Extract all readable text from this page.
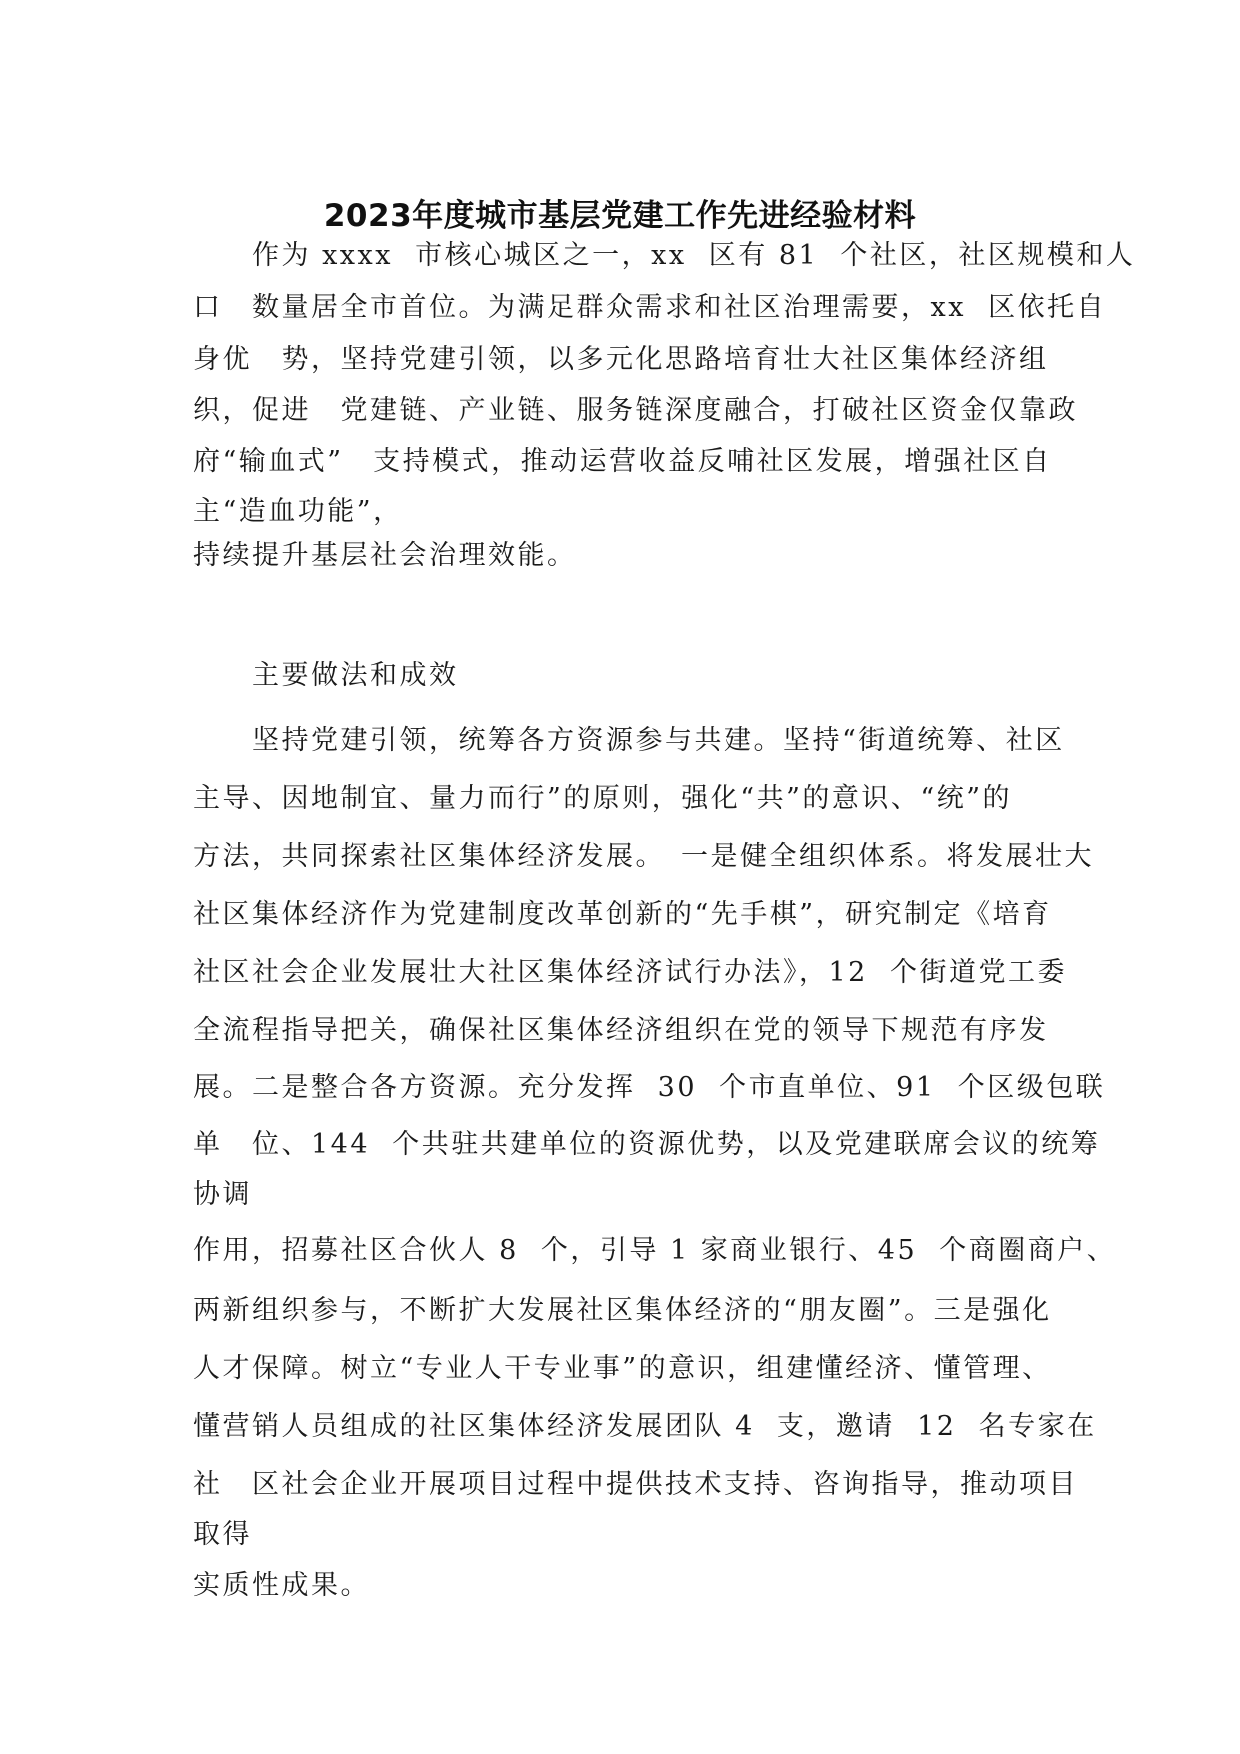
2023年度城市基层党建工作先进经验材料

　　作为 xxxx  市核心城区之一，xx  区有 81  个社区，社区规模和人

口　数量居全市首位。为满足群众需求和社区治理需要，xx  区依托自

身优　势，坚持党建引领，以多元化思路培育壮大社区集体经济组

织，促进　党建链、产业链、服务链深度融合，打破社区资金仅靠政

府“输血式”　支持模式，推动运营收益反哺社区发展，增强社区自

主“造血功能”，

持续提升基层社会治理效能。

　　主要做法和成效

　　坚持党建引领，统筹各方资源参与共建。坚持“街道统筹、社区

主导、因地制宜、量力而行”的原则，强化“共”的意识、“统”的

方法，共同探索社区集体经济发展。　一是健全组织体系。将发展壮大

社区集体经济作为党建制度改革创新的“先手棋”，研究制定《培育

社区社会企业发展壮大社区集体经济试行办法》，12  个街道党工委

全流程指导把关，确保社区集体经济组织在党的领导下规范有序发

展。二是整合各方资源。充分发挥  30  个市直单位、91  个区级包联

单　位、144  个共驻共建单位的资源优势，以及党建联席会议的统筹

协调

作用，招募社区合伙人 8  个，引导 1 家商业银行、45  个商圈商户、

两新组织参与，不断扩大发展社区集体经济的“朋友圈”。三是强化

人才保障。树立“专业人干专业事”的意识，组建懂经济、懂管理、

懂营销人员组成的社区集体经济发展团队 4  支，邀请  12  名专家在

社　区社会企业开展项目过程中提供技术支持、咨询指导，推动项目

取得

实质性成果。
